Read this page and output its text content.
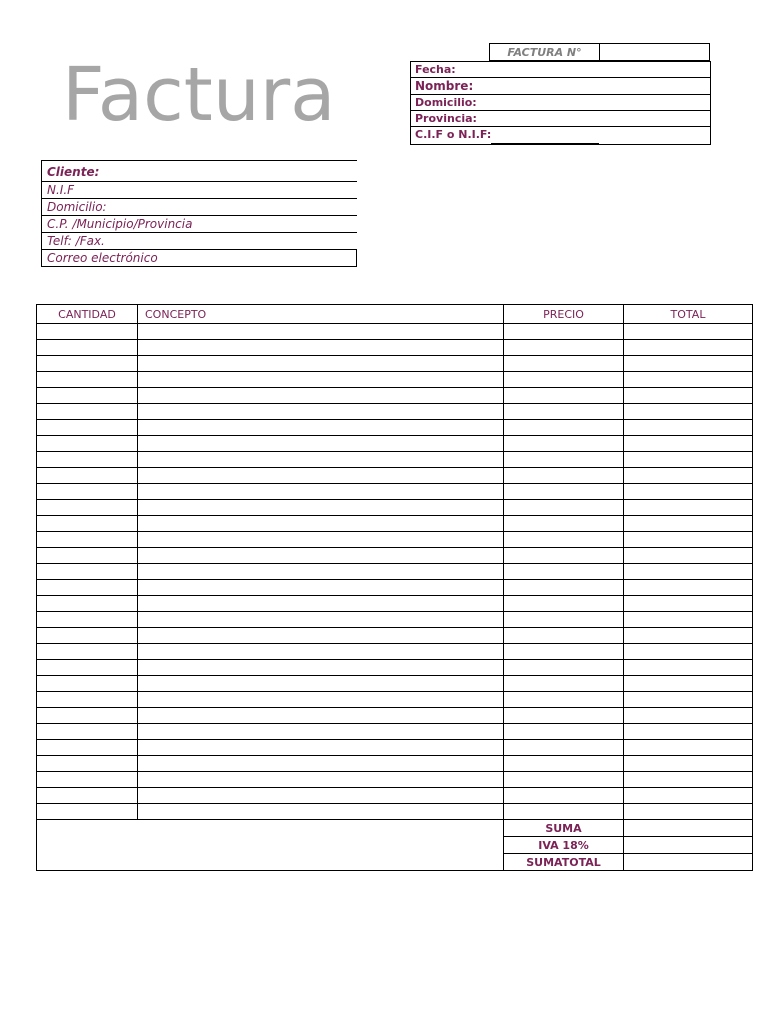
Factura	FACTURA N°
Fecha:
Nombre:
Domicilio:
Provincia:
C.I.F o N.I.F:
Cliente:
N.I.F
Domicilio:
C.P. /Municipio/Provincia
Telf: /Fax.
Correo electrónico
CANTIDAD	CONCEPTO	PRECIO	TOTAL

		SUMA	
		IVA 18%	
		SUMATOTAL	
